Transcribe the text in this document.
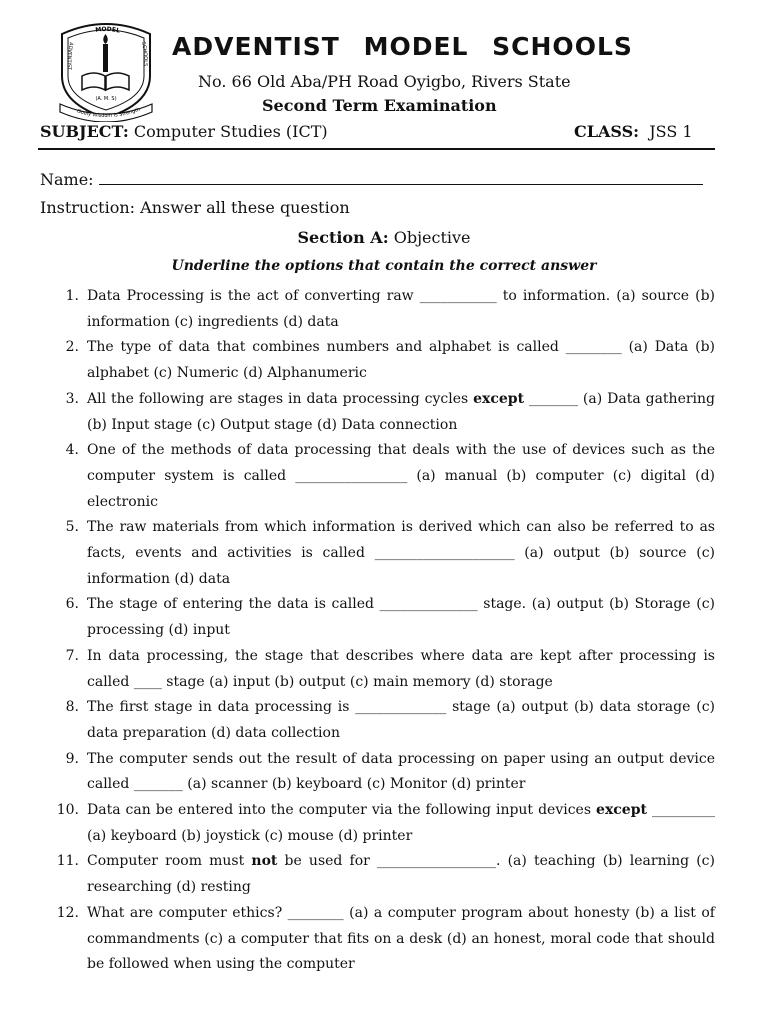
MODEL
ADVENTIST
SCHOOLS
(A. M. S)
Godly Wisdom is Strength
ADVENTIST MODEL SCHOOLS
No. 66 Old Aba/PH Road Oyigbo, Rivers State
Second Term Examination
SUBJECT: Computer Studies (ICT)	CLASS: JSS 1
Name:
Instruction: Answer all these question
Section A: Objective
Underline the options that contain the correct answer
1. Data Processing is the act of converting raw ___________ to information. (a) source (b) information (c) ingredients (d) data
2. The type of data that combines numbers and alphabet is called ________ (a) Data (b) alphabet (c) Numeric (d) Alphanumeric
3. All the following are stages in data processing cycles except _______ (a) Data gathering (b) Input stage (c) Output stage (d) Data connection
4. One of the methods of data processing that deals with the use of devices such as the computer system is called ________________ (a) manual (b) computer (c) digital (d) electronic
5. The raw materials from which information is derived which can also be referred to as facts, events and activities is called ____________________ (a) output (b) source (c) information (d) data
6. The stage of entering the data is called ______________ stage. (a) output (b) Storage (c) processing (d) input
7. In data processing, the stage that describes where data are kept after processing is called ____ stage (a) input (b) output (c) main memory (d) storage
8. The first stage in data processing is _____________ stage (a) output (b) data storage (c) data preparation (d) data collection
9. The computer sends out the result of data processing on paper using an output device called _______ (a) scanner (b) keyboard (c) Monitor (d) printer
10. Data can be entered into the computer via the following input devices except _________ (a) keyboard (b) joystick (c) mouse (d) printer
11. Computer room must not be used for _________________. (a) teaching (b) learning (c) researching (d) resting
12. What are computer ethics? ________ (a) a computer program about honesty (b) a list of commandments (c) a computer that fits on a desk (d) an honest, moral code that should be followed when using the computer
